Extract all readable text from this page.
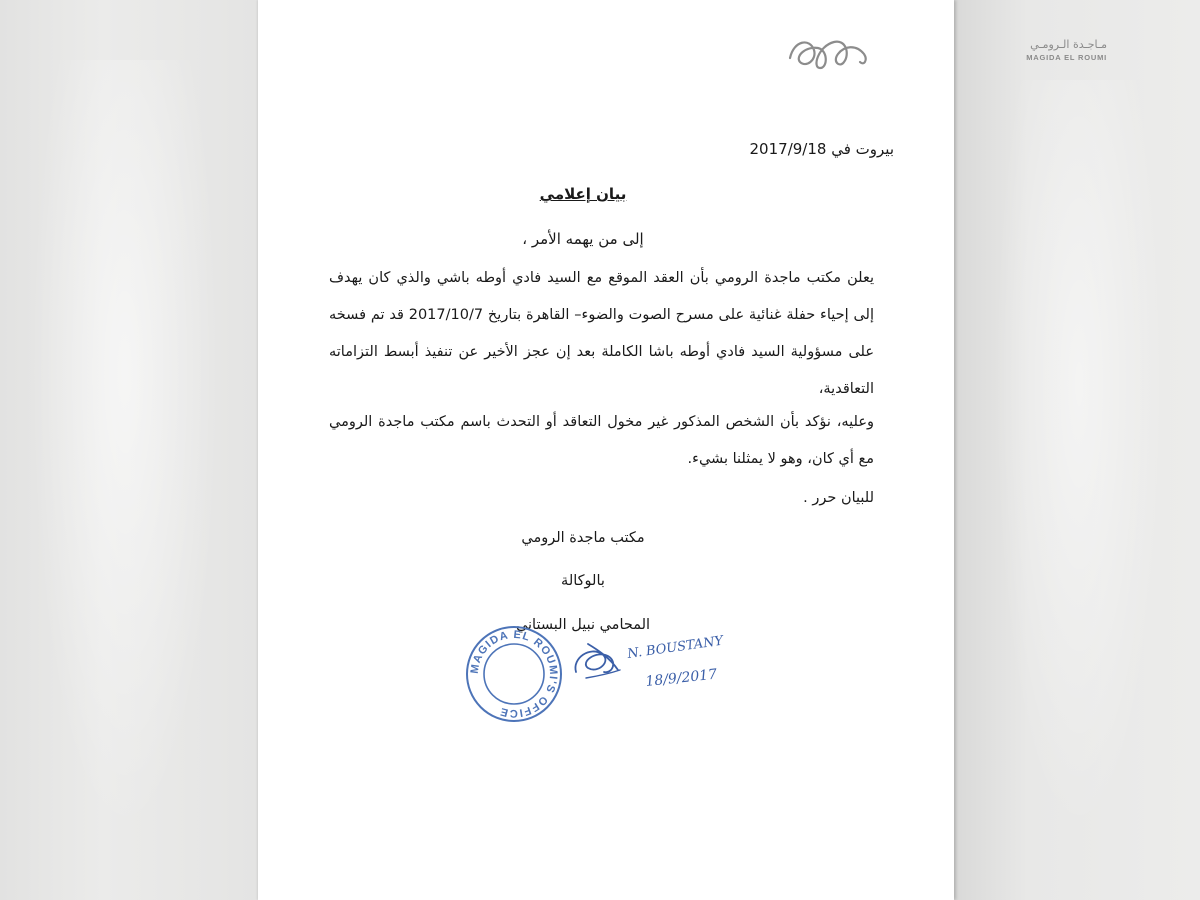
مـاجـدة الـرومـي
MAGIDA EL ROUMI
بيروت في 2017/9/18
بيان إعلامي
إلى من يهمه الأمر ،
يعلن مكتب ماجدة الرومي بأن العقد الموقع مع السيد فادي أوطه باشي والذي كان يهدف إلى إحياء حفلة غنائية على مسرح الصوت والضوء– القاهرة بتاريخ 2017/10/7 قد تم فسخه على مسؤولية السيد فادي أوطه باشا الكاملة بعد إن عجز الأخير عن تنفيذ أبسط التزاماته التعاقدية،
وعليه، نؤكد بأن الشخص المذكور غير مخول التعاقد أو التحدث باسم مكتب ماجدة الرومي مع أي كان، وهو لا يمثلنا بشيء.
للبيان حرر .
مكتب ماجدة الرومي
بالوكالة
المحامي نبيل البستاني
MAGIDA EL ROUMI'S OFFICE
N. BOUSTANY
18/9/2017
